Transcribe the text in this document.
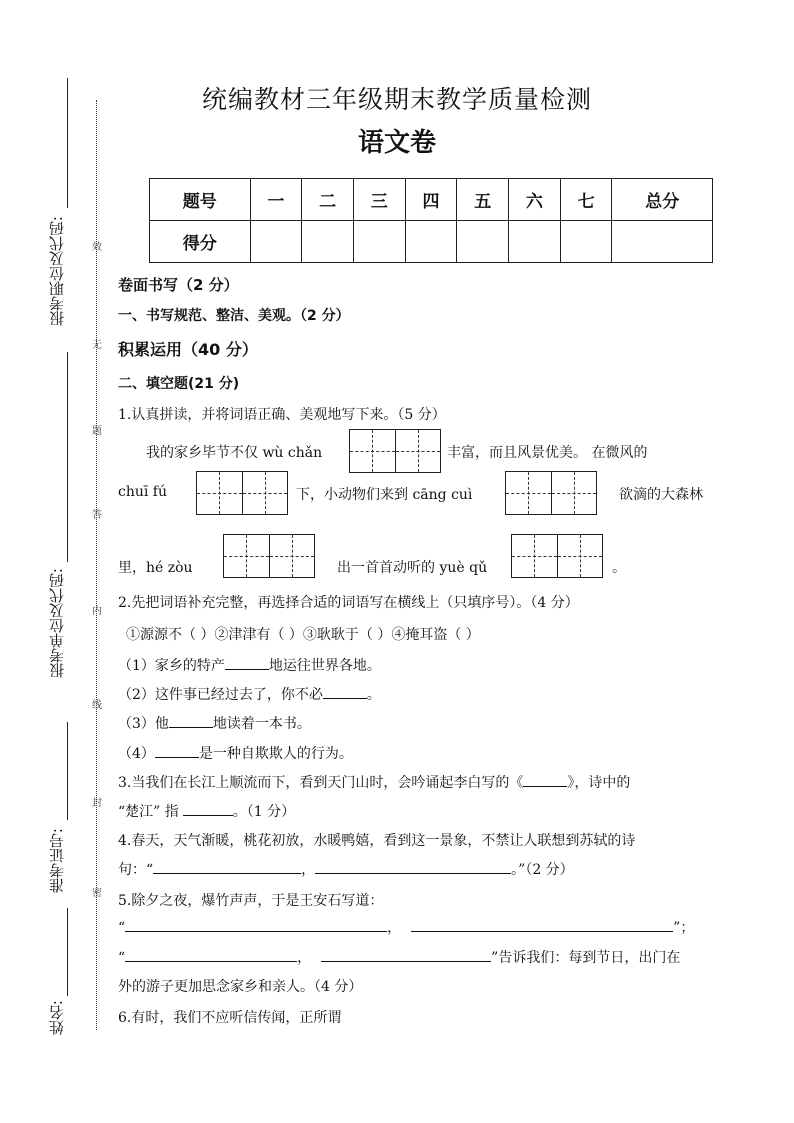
报考职位及代码:
报考单位及代码:
准考证号:
姓名:
效
无
题
答
内
线
封
密
统编教材三年级期末教学质量检测
语文卷
题号	一	二	三	四	五	六	七	总分
得分								
卷面书写（2 分）
一、书写规范、整洁、美观。（2 分）
积累运用（40 分）
二、填空题(21 分)
1.认真拼读，并将词语正确、美观地写下来。（5 分）
我的家乡毕节不仅 wù chǎn	丰富，而且风景优美。 在微风的
chuī fú	下，小动物们来到 cāng cuì	欲滴的大森林
里，hé zòu	出一首首动听的 yuè qǔ	。
2.先把词语补充完整，再选择合适的词语写在横线上（只填序号）。（4 分）
①源源不（ ）②津津有（ ）③耿耿于（ ）④掩耳盗（ ）
（1）家乡的特产	地运往世界各地。
（2）这件事已经过去了，你不必	。
（3）他	地读着一本书。
（4）	是一种自欺欺人的行为。
3.当我们在长江上顺流而下，看到天门山时，会吟诵起李白写的《	》，诗中的
“楚江” 指	。（1 分）
4.春天，天气渐暖，桃花初放，水暖鸭嬉，看到这一景象，不禁让人联想到苏轼的诗
句：“	，	。”（2 分）
5.除夕之夜，爆竹声声，于是王安石写道：
“	，	”；
“	，	”告诉我们：每到节日，出门在
外的游子更加思念家乡和亲人。（4 分）
6.有时，我们不应听信传闻，正所谓
